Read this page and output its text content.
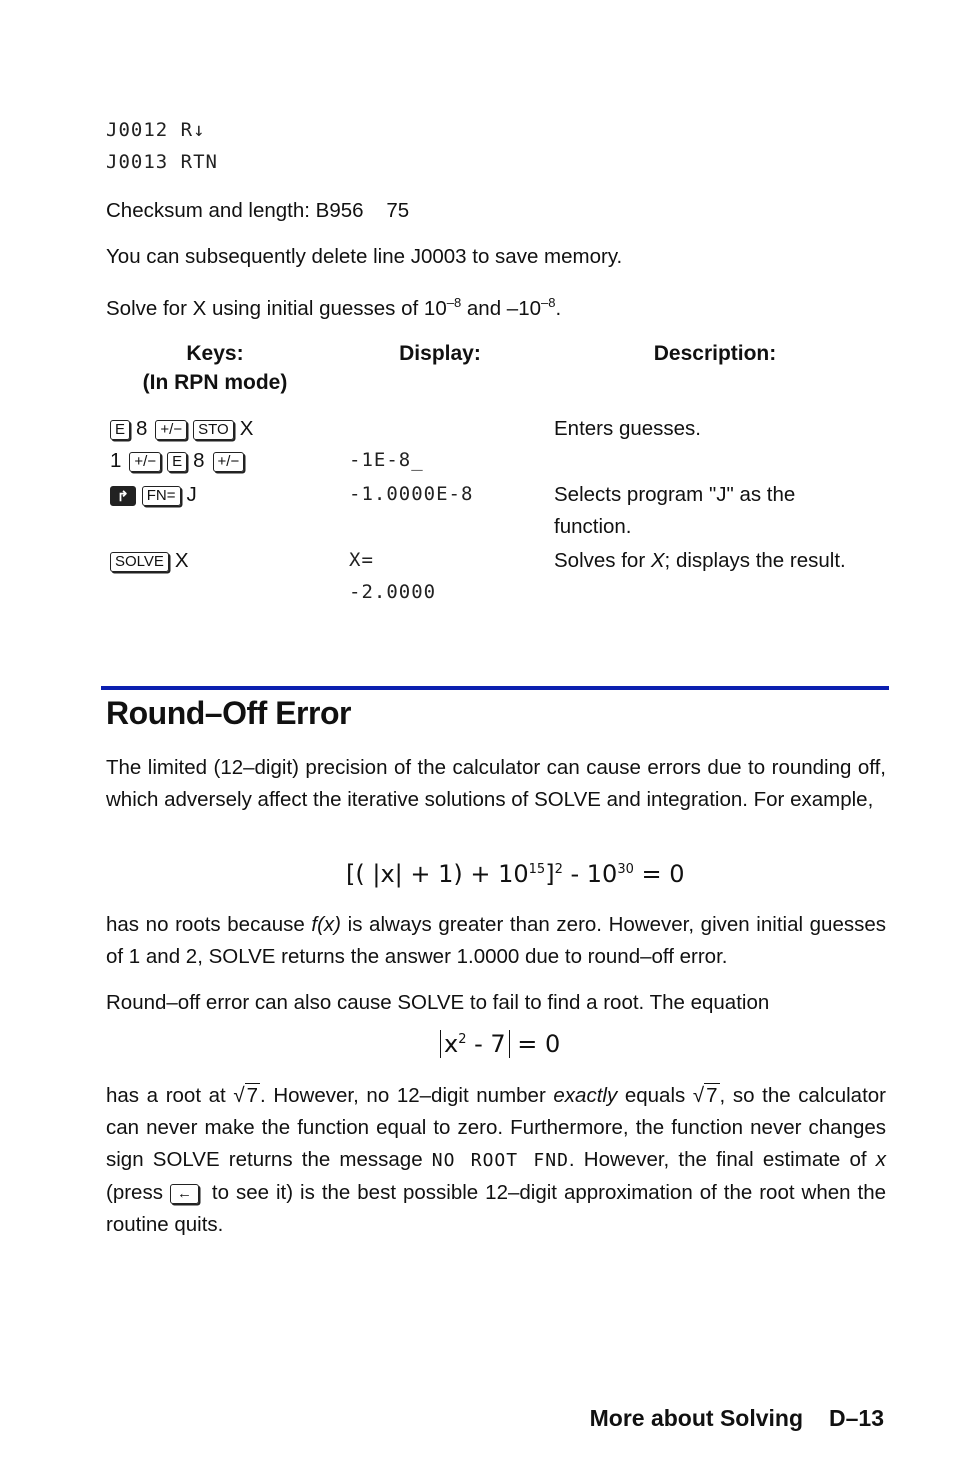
J0012 R↓
J0013 RTN
Checksum and length: B956    75
You can subsequently delete line J0003 to save memory.
Solve for X using initial guesses of $10^{-8}$ and $-10^{-8}$.
Keys:
(In RPN mode)
Display:	Description:
E 8 +/− STO X
1 +/− E 8 +/−	-1E-8_
Enters guesses.
↱ FN= J	-1.0000E-8	Selects program "J" as the
function.
SOLVE X	X=
-2.0000
Solves for X; displays the result.
Round–Off Error
The limited (12–digit) precision of the calculator can cause errors due to rounding off, which adversely affect the iterative solutions of SOLVE and integration. For example,
[( $|x| + 1) + 10^{15}]^2 - 10^{30} = 0$
has no roots because f(x) is always greater than zero. However, given initial guesses of 1 and 2, SOLVE returns the answer 1.0000 due to round–off error.
Round–off error can also cause SOLVE to fail to find a root. The equation
$x^2 - 7 = 0$
has a root at √7. However, no 12–digit number exactly equals √7, so the calculator can never make the function equal to zero. Furthermore, the function never changes sign SOLVE returns the message NO ROOT FND. However, the final estimate of x (press ← to see it) is the best possible 12–digit approximation of the root when the routine quits.
More about Solving D–13
